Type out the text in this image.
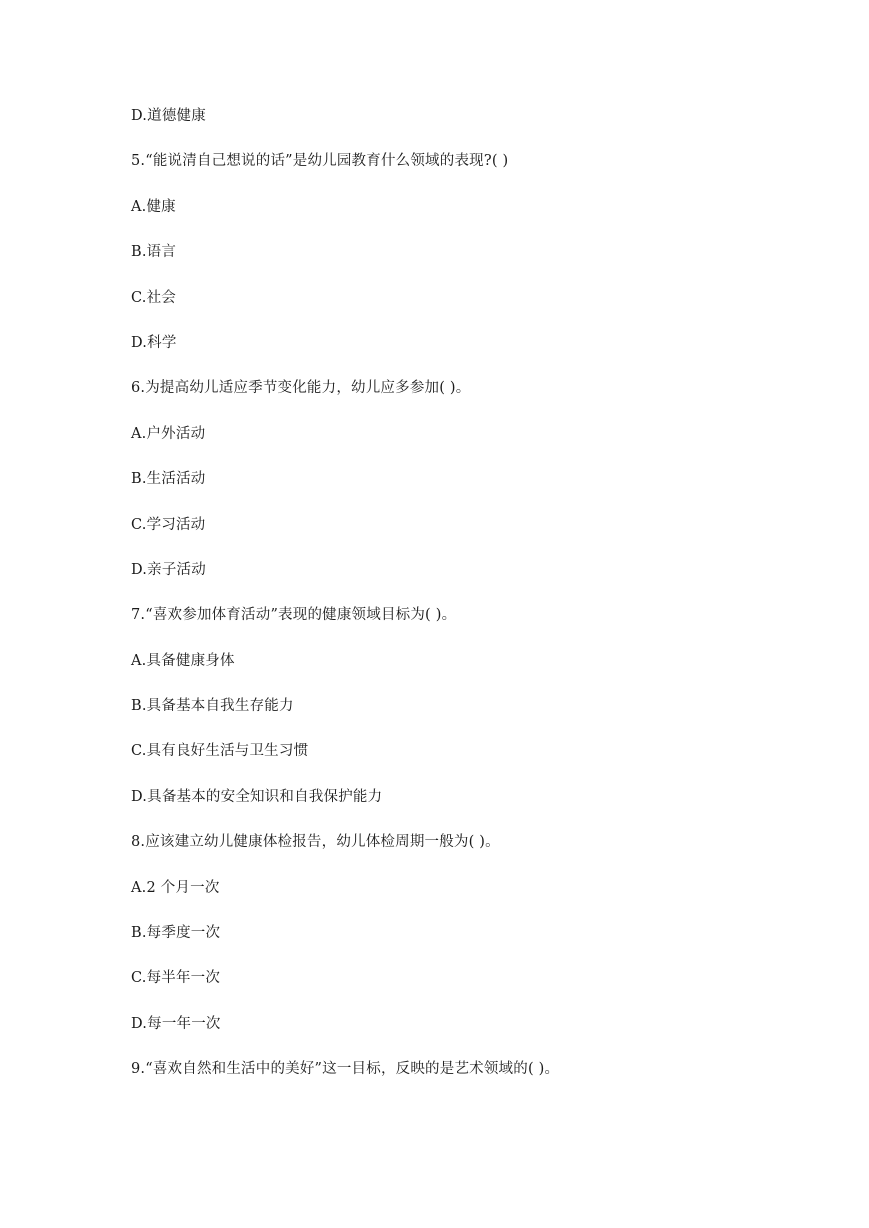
D.道德健康
5.“能说清自己想说的话”是幼儿园教育什么领域的表现?( )
A.健康
B.语言
C.社会
D.科学
6.为提高幼儿适应季节变化能力，幼儿应多参加( )。
A.户外活动
B.生活活动
C.学习活动
D.亲子活动
7.“喜欢参加体育活动”表现的健康领域目标为( )。
A.具备健康身体
B.具备基本自我生存能力
C.具有良好生活与卫生习惯
D.具备基本的安全知识和自我保护能力
8.应该建立幼儿健康体检报告，幼儿体检周期一般为( )。
A.2 个月一次
B.每季度一次
C.每半年一次
D.每一年一次
9.“喜欢自然和生活中的美好”这一目标，反映的是艺术领域的( )。
